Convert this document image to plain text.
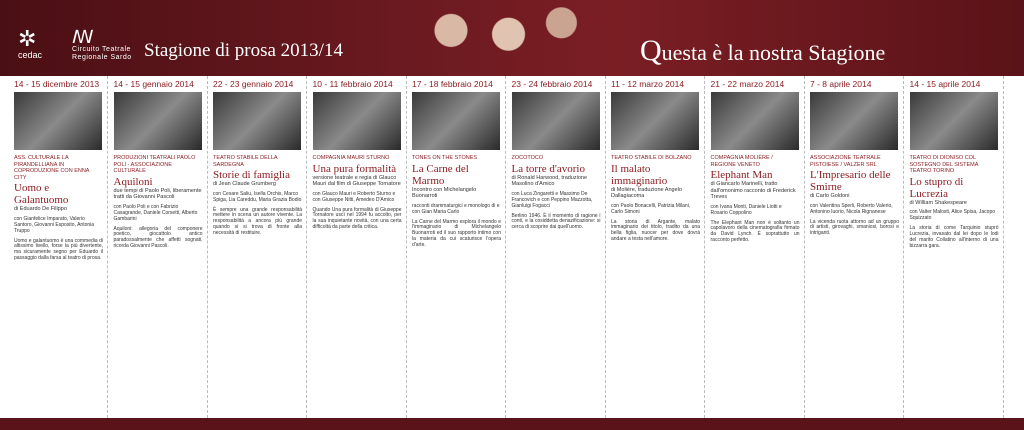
✲
cedac
ꟿ
Circuito Teatrale
Regionale Sardo Stagione di prosa 2013/14	Questa è la nostra Stagione
14 - 15 dicembre 2013
ASS. CULTURALE LA PIRANDELLIANA IN COPRODUZIONE CON ENNA CITY
Uomo e Galantuomo
di Eduardo De Filippo
con Gianfelice Imparato, Valerio Santoro, Giovanni Esposito, Antonia Truppo
Uomo e galantuomo è una commedia di altissimo livello, forse la più divertente, ma sicuramente segno per Eduardo il passaggio dalla farsa al teatro di prosa.
14 - 15 gennaio 2014
PRODUZIONI TEATRALI PAOLO POLI - ASSOCIAZIONE CULTURALE
Aquiloni
due tempi di Paolo Poli, liberamente tratti da Giovanni Pascoli
con Paolo Poli e con Fabrizio Casagrande, Daniele Corsetti, Alberto Gambarini
Aquiloni: allegoria del componere poetico, giocattolo antico paradossalmente che affetti sognati, ricorda Giovanni Pascoli.
22 - 23 gennaio 2014
TEATRO STABILE DELLA SARDEGNA
Storie di famiglia
di Jean Claude Grumberg
con Cesare Saliu, Isella Orchis, Marco Spiga, Lia Careddu, Maria Grazia Bodio
È sempre una grande responsabilità mettere in scena un autore vivente. La responsabilità a ancora più grande quando si si trova di fronte alla necessità di restituire.
10 - 11 febbraio 2014
COMPAGNIA MAURI STURNO
Una pura formalità
versione teatrale e regia di Glauco Mauri dal film di Giuseppe Tornatore
con Glauco Mauri e Roberto Sturno e con Giuseppe Nitti, Amedeo D'Amico
Quando Una pura formalità di Giuseppe Tornatore uscì nel 1994 fu accolto, per la sua inquietante novità, con una certa difficoltà da parte della critica.
17 - 18 febbraio 2014
TONES ON THE STONES
La Carne del Marmo
Incontro con Michelangelo Buonarroti
racconti drammaturgici e monologo di e con Gian Maria Carlo
La Carne del Marmo esplora il mondo e l'immaginario di Michelangelo Buonarroti ed il suo rapporto intimo con la materia da cui scaturisce l'opera d'arte.
23 - 24 febbraio 2014
ZOCOTOCO
La torre d'avorio
di Ronald Harwood, traduzione Masolino d'Amico
con Luca Zingaretti e Massimo De Francovich e con Peppino Mazzotta, Gianluigi Fogacci
Berlino 1946. È il momento di ragione i conti, e la cosiddetta denazificazione: si cerca di scoprire dai quell'uomo.
11 - 12 marzo 2014
TEATRO STABILE DI BOLZANO
Il malato immaginario
di Molière, traduzione Angelo Dallagiacoma
con Paolo Bonacelli, Patrizia Milani, Carlo Simoni
La storia di Argante, malato immaginario dei titolo, tradito da una bella figlia, nuocer per dove dovrà andare a testa nell'amore.
21 - 22 marzo 2014
COMPAGNIA MOLIÈRE / REGIONE VENETO
Elephant Man
di Giancarlo Marinelli, tratto dall'omonimo racconto di Frederick Treves
con Ivana Monti, Daniele Liotti e Rosario Coppolino
The Elephant Man non è soltanto un capolavoro della cinematografia firmato da David Lynch. È soprattutto un racconto perfetto.
7 - 8 aprile 2014
ASSOCIAZIONE TEATRALE PISTOIESE / VALZER SRL
L'Impresario delle Smirne
di Carlo Goldoni
con Valentina Sperli, Roberto Valerio, Antonino Iuorio, Nicola Rignanese
La vicenda ruota attorno ad un gruppo di artisti, girovaghi, smaniosi, borosi e intriganti.
14 - 15 aprile 2014
TEATRO DI DIONISO COL SOSTEGNO DEL SISTEMA TEATRO TORINO
Lo stupro di Lucrezia
di William Shakespeare
con Valter Malosti, Alice Spisa, Jacopo Squizzato
La storia di come Tarquinio stuprò Lucrezia, invasato dal lei dopo le lodi del marito Collatino all'interno di una bizzarra gara.
